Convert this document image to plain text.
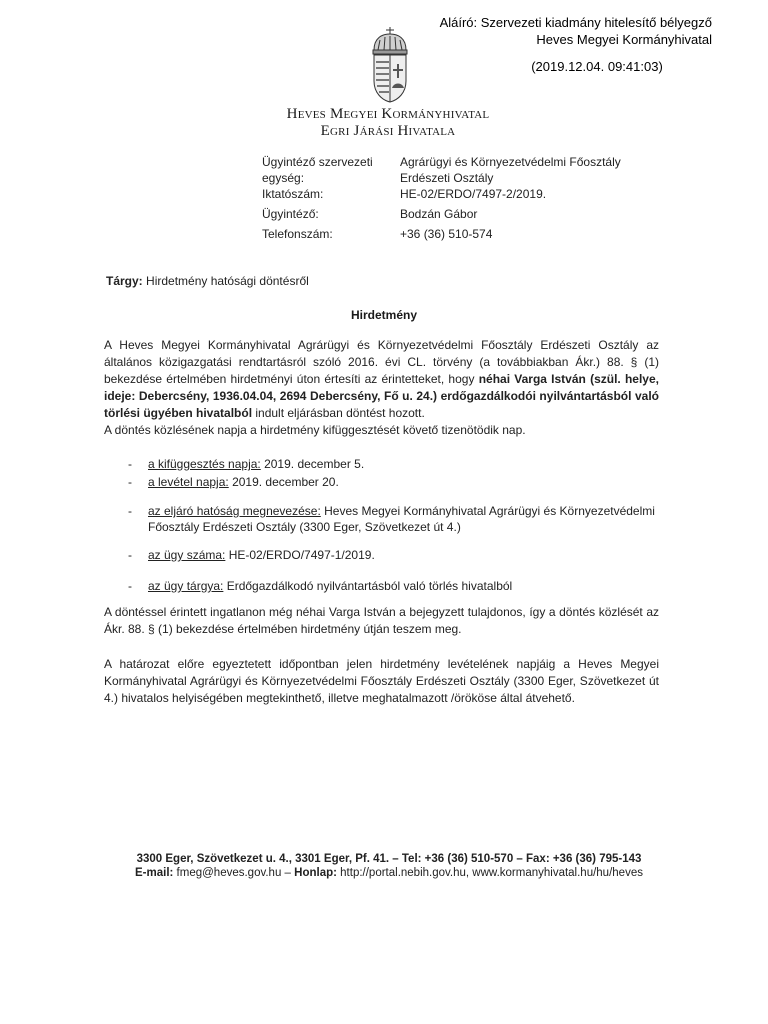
Aláíró: Szervezeti kiadmány hitelesítő bélyegző
Heves Megyei Kormányhivatal
(2019.12.04. 09:41:03)
Heves Megyei Kormányhivatal
Egri Járási Hivatala
Ügyintéző szervezeti	Agrárügyi és Környezetvédelmi Főosztály
egység:	Erdészeti Osztály
Iktatószám:	HE-02/ERDO/7497-2/2019.
Ügyintéző:	Bodzán Gábor
Telefonszám:	+36 (36) 510-574
Tárgy: Hirdetmény hatósági döntésről
Hirdetmény
A Heves Megyei Kormányhivatal Agrárügyi és Környezetvédelmi Főosztály Erdészeti Osztály az általános közigazgatási rendtartásról szóló 2016. évi CL. törvény (a továbbiakban Ákr.) 88. § (1) bekezdése értelmében hirdetményi úton értesíti az érintetteket, hogy néhai Varga István (szül. helye, ideje: Debercsény, 1936.04.04, 2694 Debercsény, Fő u. 24.) erdőgazdálkodói nyilvántartásból való törlési ügyében hivatalból indult eljárásban döntést hozott.
A döntés közlésének napja a hirdetmény kifüggesztését követő tizenötödik nap.
- a kifüggesztés napja: 2019. december 5.
- a levétel napja: 2019. december 20.
- az eljáró hatóság megnevezése: Heves Megyei Kormányhivatal Agrárügyi és Környezetvédelmi Főosztály Erdészeti Osztály (3300 Eger, Szövetkezet út 4.)
- az ügy száma: HE-02/ERDO/7497-1/2019.
- az ügy tárgya: Erdőgazdálkodó nyilvántartásból való törlés hivatalból
A döntéssel érintett ingatlanon még néhai Varga István a bejegyzett tulajdonos, így a döntés közlését az Ákr. 88. § (1) bekezdése értelmében hirdetmény útján teszem meg.
A határozat előre egyeztetett időpontban jelen hirdetmény levételének napjáig a Heves Megyei Kormányhivatal Agrárügyi és Környezetvédelmi Főosztály Erdészeti Osztály (3300 Eger, Szövetkezet út 4.) hivatalos helyiségében megtekinthető, illetve meghatalmazott /örököse által átvehető.
3300 Eger, Szövetkezet u. 4., 3301 Eger, Pf. 41. – Tel: +36 (36) 510-570 – Fax: +36 (36) 795-143
E-mail: fmeg@heves.gov.hu – Honlap: http://portal.nebih.gov.hu, www.kormanyhivatal.hu/hu/heves
